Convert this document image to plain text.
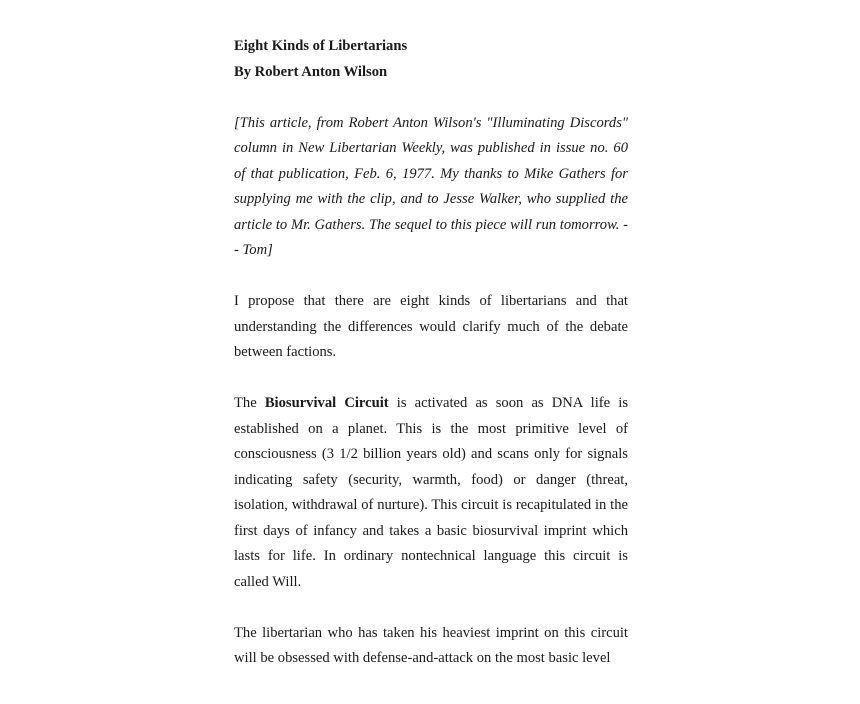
Eight Kinds of Libertarians

By Robert Anton Wilson

[This article, from Robert Anton Wilson's "Illuminating Discords" column in New Libertarian Weekly, was published in issue no. 60 of that publication, Feb. 6, 1977. My thanks to Mike Gathers for supplying me with the clip, and to Jesse Walker, who supplied the article to Mr. Gathers. The sequel to this piece will run tomorrow. -- Tom]

I propose that there are eight kinds of libertarians and that understanding the differences would clarify much of the debate between factions.

The Biosurvival Circuit is activated as soon as DNA life is established on a planet. This is the most primitive level of consciousness (3 1/2 billion years old) and scans only for signals indicating safety (security, warmth, food) or danger (threat, isolation, withdrawal of nurture). This circuit is recapitulated in the first days of infancy and takes a basic biosurvival imprint which lasts for life. In ordinary nontechnical language this circuit is called Will.

The libertarian who has taken his heaviest imprint on this circuit will be obsessed with defense-and-attack on the most basic level
